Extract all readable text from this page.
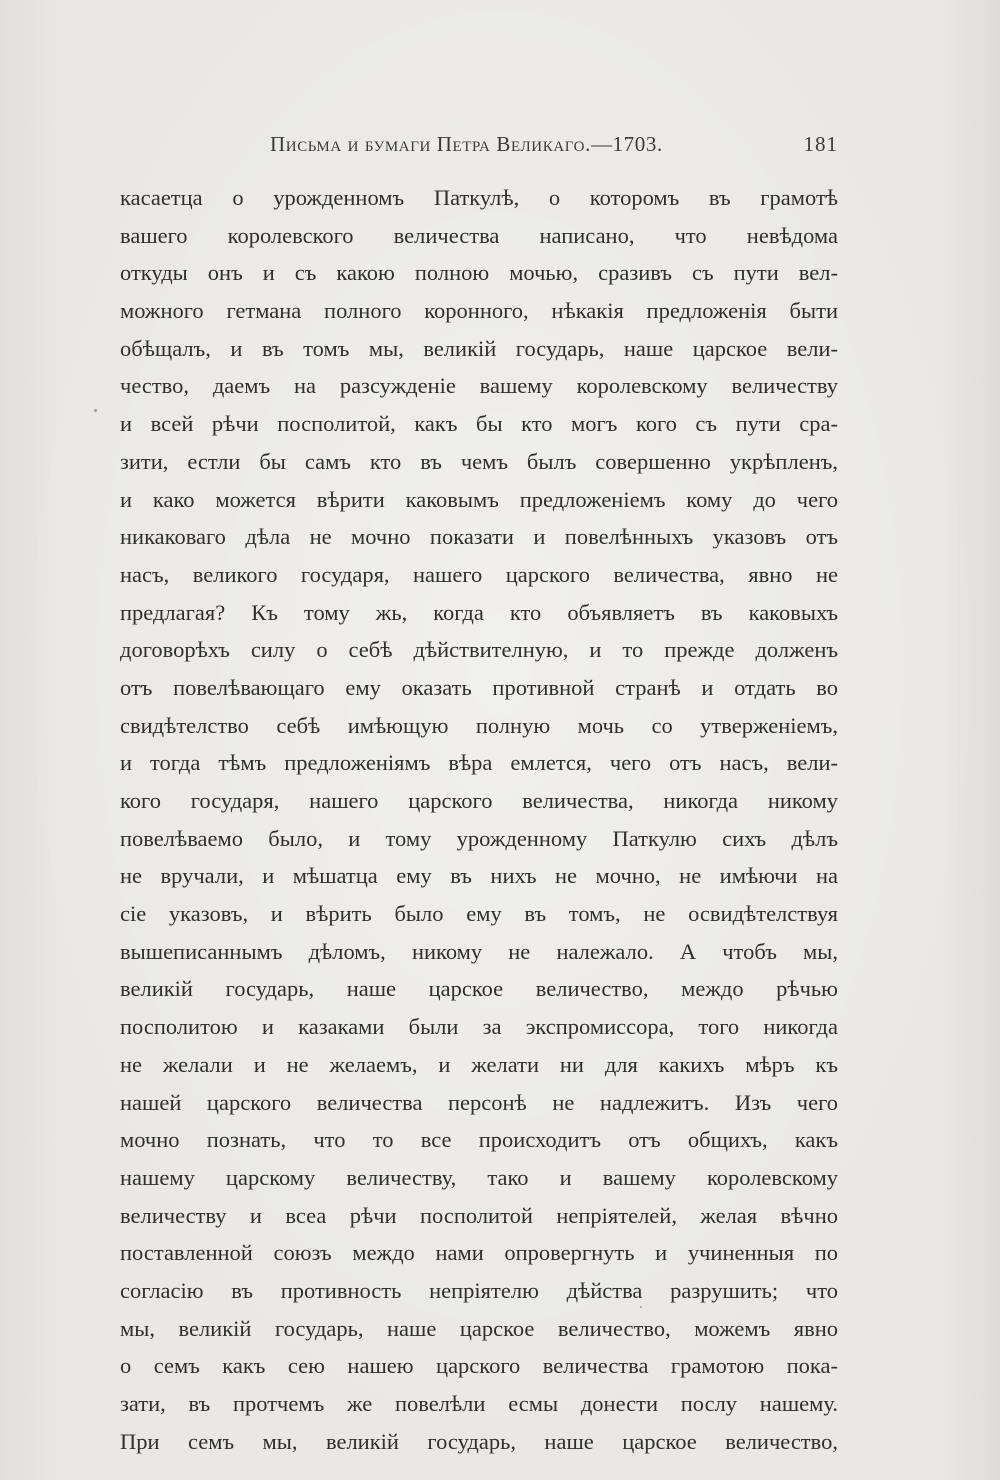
Письма и бумаги Петра Великаго.—1703.	181
касаетца о урожденномъ Паткулѣ, о которомъ въ грамотѣ
вашего королевского величества написано, что невѣдома
откуды онъ и съ какою полною мочью, сразивъ съ пути вел-
можного гетмана полного коронного, нѣкакія предложенія быти
обѣщалъ, и въ томъ мы, великій государь, наше царское вели-
чество, даемъ на разсужденіе вашему королевскому величеству
и всей рѣчи посполитой, какъ бы кто могъ кого съ пути сра-
зити, естли бы самъ кто въ чемъ былъ совершенно укрѣпленъ,
и како можется вѣрити каковымъ предложеніемъ кому до чего
никаковаго дѣла не мочно показати и повелѣнныхъ указовъ отъ
насъ, великого государя, нашего царского величества, явно не
предлагая? Къ тому жь, когда кто объявляетъ въ каковыхъ
договорѣхъ силу о себѣ дѣйствителную, и то прежде долженъ
отъ повелѣвающаго ему оказать противной странѣ и отдать во
свидѣтелство себѣ имѣющую полную мочь со утверженіемъ,
и тогда тѣмъ предложеніямъ вѣра емлется, чего отъ насъ, вели-
кого государя, нашего царского величества, никогда никому
повелѣваемо было, и тому урожденному Паткулю сихъ дѣлъ
не вручали, и мѣшатца ему въ нихъ не мочно, не имѣючи на
сіе указовъ, и вѣрить было ему въ томъ, не освидѣтелствуя
вышеписаннымъ дѣломъ, никому не належало. А чтобъ мы,
великій государь, наше царское величество, междо рѣчью
посполитою и казаками были за экспромиссора, того никогда
не желали и не желаемъ, и желати ни для какихъ мѣръ къ
нашей царского величества персонѣ не надлежитъ. Изъ чего
мочно познать, что то все происходитъ отъ общихъ, какъ
нашему царскому величеству, тако и вашему королевскому
величеству и всеа рѣчи посполитой непріятелей, желая вѣчно
поставленной союзъ междо нами опровергнуть и учиненныя по
согласію въ противность непріятелю дѣйства разрушить; что
мы, великій государь, наше царское величество, можемъ явно
о семъ какъ сею нашею царского величества грамотою пока-
зати, въ протчемъ же повелѣли есмы донести послу нашему.
При семъ мы, великій государь, наше царское величество,
